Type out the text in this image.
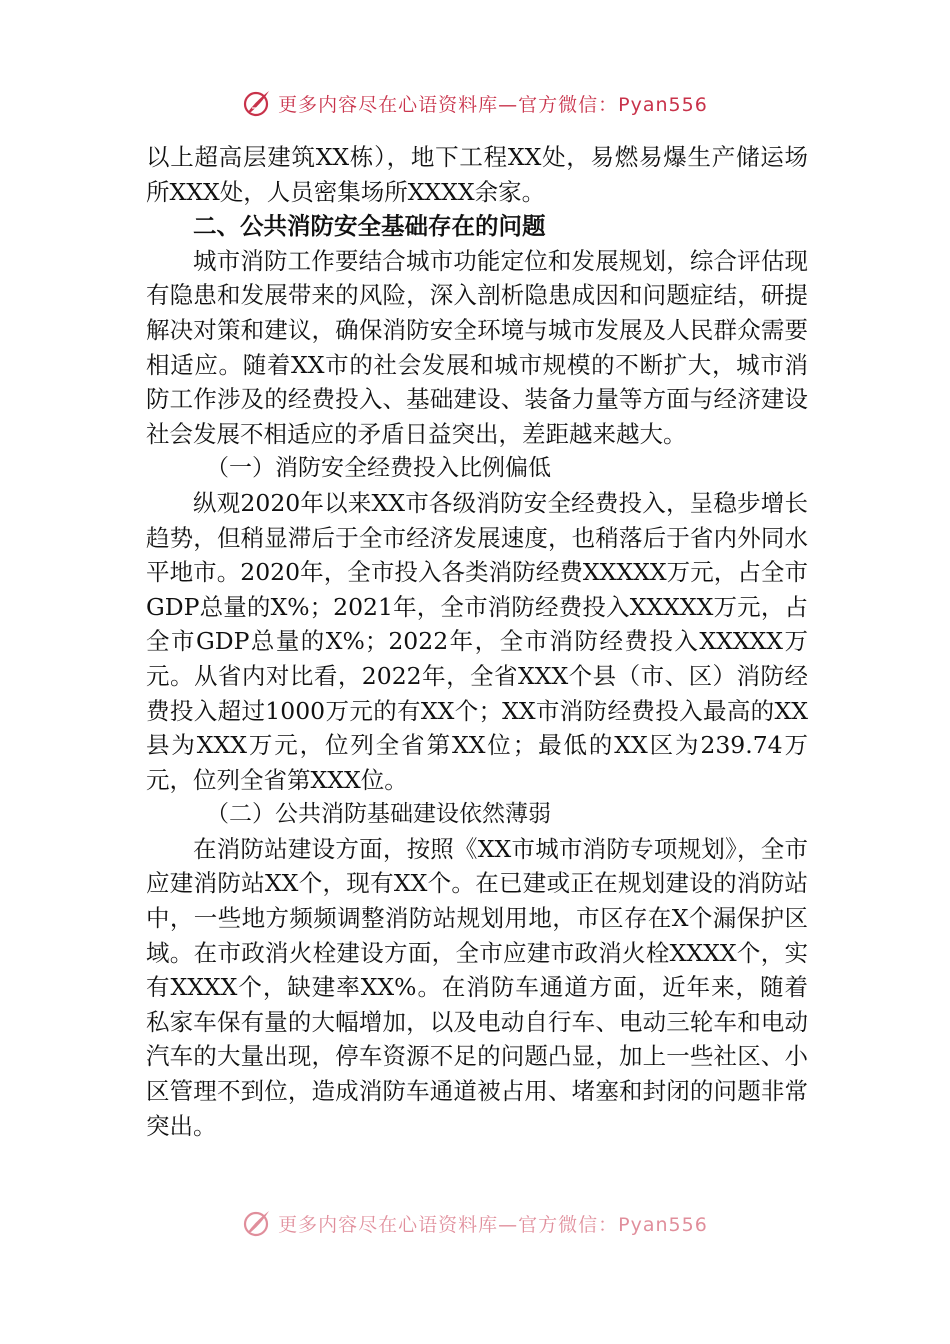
更多内容尽在心语资料库—官方微信：Pyan556

以上超高层建筑XX栋），地下工程XX处，易燃易爆生产储运场所XXX处，人员密集场所XXXX余家。

二、公共消防安全基础存在的问题

城市消防工作要结合城市功能定位和发展规划，综合评估现有隐患和发展带来的风险，深入剖析隐患成因和问题症结，研提解决对策和建议，确保消防安全环境与城市发展及人民群众需要相适应。随着XX市的社会发展和城市规模的不断扩大，城市消防工作涉及的经费投入、基础建设、装备力量等方面与经济建设社会发展不相适应的矛盾日益突出，差距越来越大。

（一）消防安全经费投入比例偏低

纵观2020年以来XX市各级消防安全经费投入，呈稳步增长趋势，但稍显滞后于全市经济发展速度，也稍落后于省内外同水平地市。2020年，全市投入各类消防经费XXXXX万元，占全市GDP总量的X%；2021年，全市消防经费投入XXXXX万元，占全市GDP总量的X%；2022年，全市消防经费投入XXXXX万元。从省内对比看，2022年，全省XXX个县（市、区）消防经费投入超过1000万元的有XX个；XX市消防经费投入最高的XX县为XXX万元，位列全省第XX位；最低的XX区为239.74万元，位列全省第XXX位。

（二）公共消防基础建设依然薄弱

在消防站建设方面，按照《XX市城市消防专项规划》，全市应建消防站XX个，现有XX个。在已建或正在规划建设的消防站中，一些地方频频调整消防站规划用地，市区存在X个漏保护区域。在市政消火栓建设方面，全市应建市政消火栓XXXX个，实有XXXX个，缺建率XX%。在消防车通道方面，近年来，随着私家车保有量的大幅增加，以及电动自行车、电动三轮车和电动汽车的大量出现，停车资源不足的问题凸显，加上一些社区、小区管理不到位，造成消防车通道被占用、堵塞和封闭的问题非常突出。

更多内容尽在心语资料库—官方微信：Pyan556
